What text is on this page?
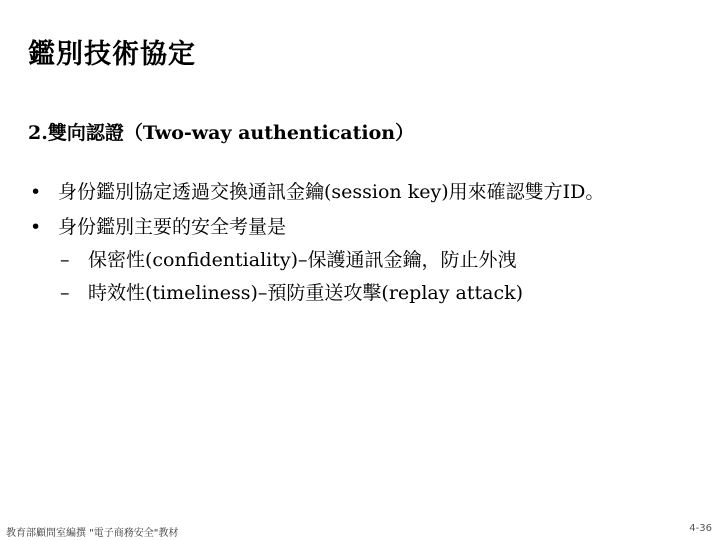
鑑別技術協定
2.雙向認證（Two-way authentication）
• 身份鑑別協定透過交換通訊金鑰(session key)用來確認雙方ID。
• 身份鑑別主要的安全考量是
– 保密性(confidentiality)–保護通訊金鑰，防止外洩
– 時效性(timeliness)–預防重送攻擊(replay attack)
教育部顧問室編撰 "電子商務安全"教材	4-36
